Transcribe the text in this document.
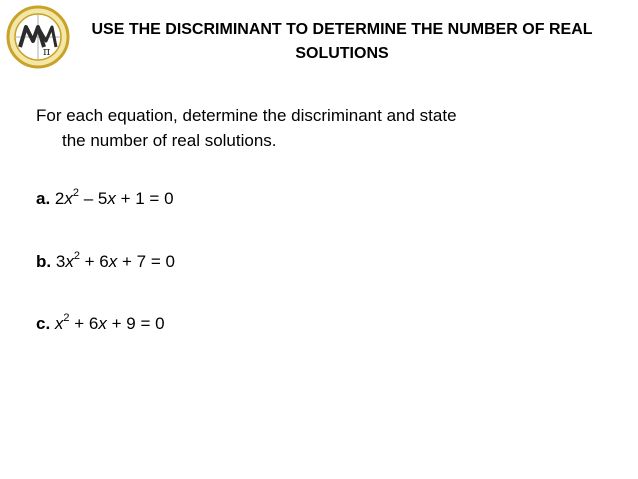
π
USE THE DISCRIMINANT TO DETERMINE THE NUMBER OF REAL
SOLUTIONS
For each equation, determine the discriminant and state
the number of real solutions.
a. $2x^2 - 5x + 1 = 0$
b. $3x^2 + 6x + 7 = 0$
c. $x^2 + 6x + 9 = 0$
